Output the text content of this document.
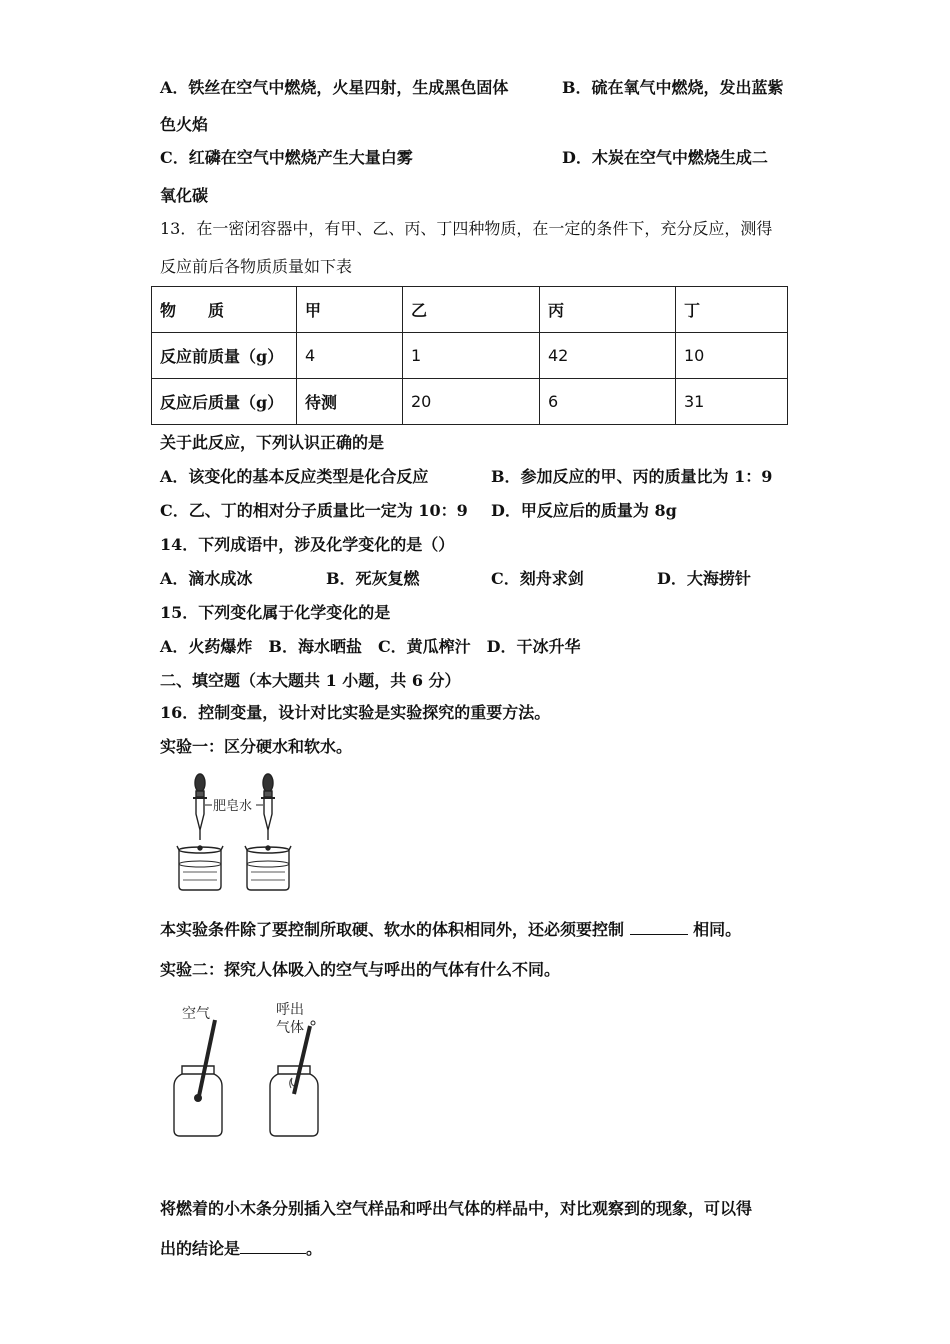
A．铁丝在空气中燃烧，火星四射，生成黑色固体	B．硫在氧气中燃烧，发出蓝紫
色火焰
C．红磷在空气中燃烧产生大量白雾	D．木炭在空气中燃烧生成二
氧化碳
13．在一密闭容器中，有甲、乙、丙、丁四种物质，在一定的条件下，充分反应，测得
反应前后各物质质量如下表
物　　质	甲	乙	丙	丁
反应前质量（g）	4	1	42	10
反应后质量（g）	待测	20	6	31
关于此反应，下列认识正确的是
A．该变化的基本反应类型是化合反应	B．参加反应的甲、丙的质量比为 1：9
C．乙、丁的相对分子质量比一定为 10：9 D．甲反应后的质量为 8g
14．下列成语中，涉及化学变化的是（）
A．滴水成冰	B．死灰复燃	C．刻舟求剑	D．大海捞针
15．下列变化属于化学变化的是
A．火药爆炸　B．海水晒盐　C．黄瓜榨汁　D．干冰升华
二、填空题（本大题共 1 小题，共 6 分）
16．控制变量，设计对比实验是实验探究的重要方法。
实验一：区分硬水和软水。
肥皂水
本实验条件除了要控制所取硬、软水的体积相同外，还必须要控制	相同。
实验二：探究人体吸入的空气与呼出的气体有什么不同。
空气	呼出
气体
将燃着的小木条分别插入空气样品和呼出气体的样品中，对比观察到的现象，可以得
出的结论是	。
